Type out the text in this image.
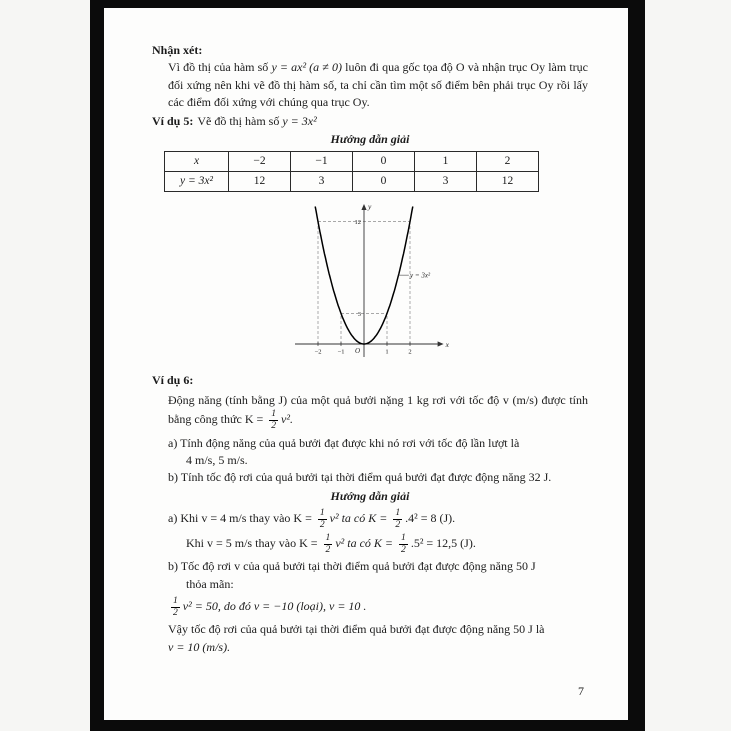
Nhận xét:

Vì đồ thị của hàm số y = ax² (a ≠ 0) luôn đi qua gốc tọa độ O và nhận trục Oy làm trục đối xứng nên khi vẽ đồ thị hàm số, ta chỉ cần tìm một số điểm bên phải trục Oy rồi lấy các điểm đối xứng với chúng qua trục Oy.

Ví dụ 5: Vẽ đồ thị hàm số y = 3x²
Hướng dẫn giải
x	−2	−1	0	1	2
y = 3x²	12	3	0	3	12
3
12
−2 −1	1	2
O
x
y
y = 3x²
Ví dụ 6:

Động năng (tính bằng J) của một quả bưởi nặng 1 kg rơi với tốc độ v (m/s) được tính bằng công thức $K = \frac{1}{2} v^2$.

a) Tính động năng của quả bưởi đạt được khi nó rơi với tốc độ lần lượt là
4 m/s, 5 m/s.
b) Tính tốc độ rơi của quả bưởi tại thời điểm quả bưởi đạt được động năng 32 J.
Hướng dẫn giải
a) Khi v = 4 m/s thay vào $K = \frac{1}{2} v^2$ ta có $K = \frac{1}{2} .4^2 = 8$ (J).
Khi v = 5 m/s thay vào $K = \frac{1}{2} v^2$ ta có $K = \frac{1}{2} .5^2 = 12,5$ (J).
b) Tốc độ rơi v của quả bưởi tại thời điểm quả bưởi đạt được động năng 50 J
thỏa mãn:
$\frac{1}{2} v^2 = 50$, do đó v = −10 (loại), v = 10 .
Vậy tốc độ rơi của quả bưởi tại thời điểm quả bưởi đạt được động năng 50 J là
v = 10 (m/s).
7
